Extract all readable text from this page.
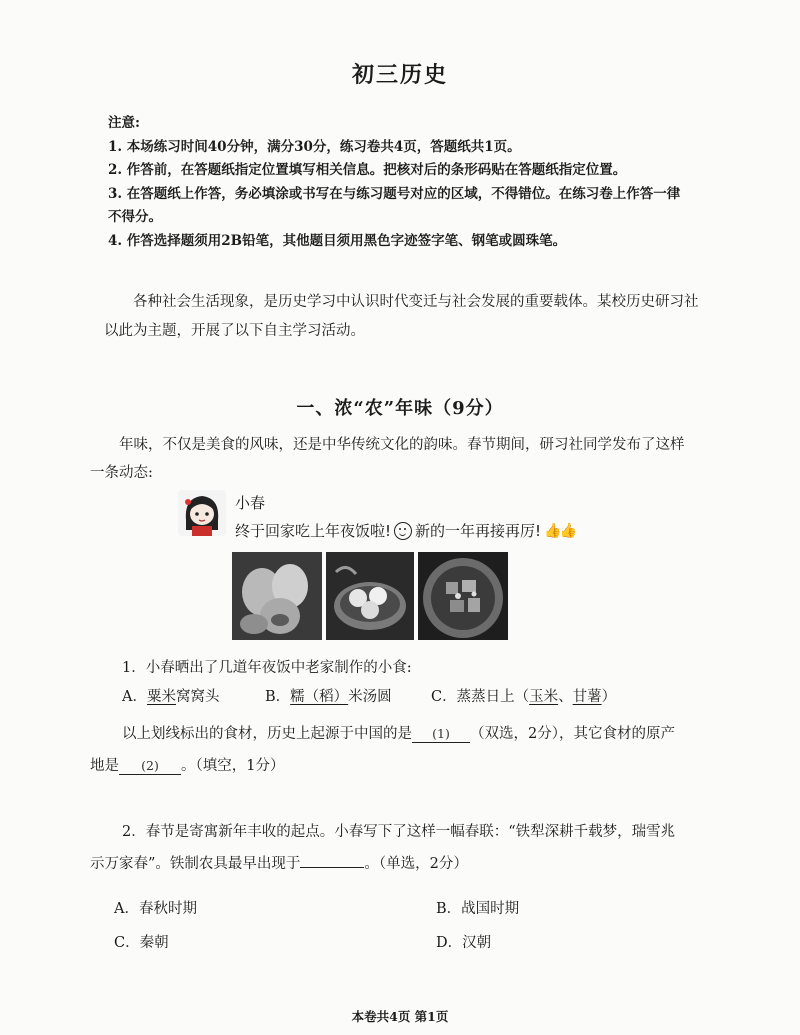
初三历史
注意:
1. 本场练习时间40分钟，满分30分，练习卷共4页，答题纸共1页。
2. 作答前，在答题纸指定位置填写相关信息。把核对后的条形码贴在答题纸指定位置。
3. 在答题纸上作答，务必填涂或书写在与练习题号对应的区域，不得错位。在练习卷上作答一律
不得分。
4. 作答选择题须用2B铅笔，其他题目须用黑色字迹签字笔、钢笔或圆珠笔。
各种社会生活现象，是历史学习中认识时代变迁与社会发展的重要载体。某校历史研习社
以此为主题，开展了以下自主学习活动。
一、浓“农”年味（9分）
年味，不仅是美食的风味，还是中华传统文化的韵味。春节期间，研习社同学发布了这样
一条动态:
小春
终于回家吃上年夜饭啦! 新的一年再接再厉! 👍👍
1．小春晒出了几道年夜饭中老家制作的小食:
A．粟米窝窝头	B．糯（稻）米汤圆	C．蒸蒸日上（玉米、甘薯）
以上划线标出的食材，历史上起源于中国的是 (1) （双选，2分），其它食材的原产
地是 (2) 。（填空，1分）
2．春节是寄寓新年丰收的起点。小春写下了这样一幅春联：“铁犁深耕千载梦，瑞雪兆
示万家春”。铁制农具最早出现于	。（单选，2分）
A．春秋时期	B．战国时期
C．秦朝	D．汉朝
本卷共4页 第1页
